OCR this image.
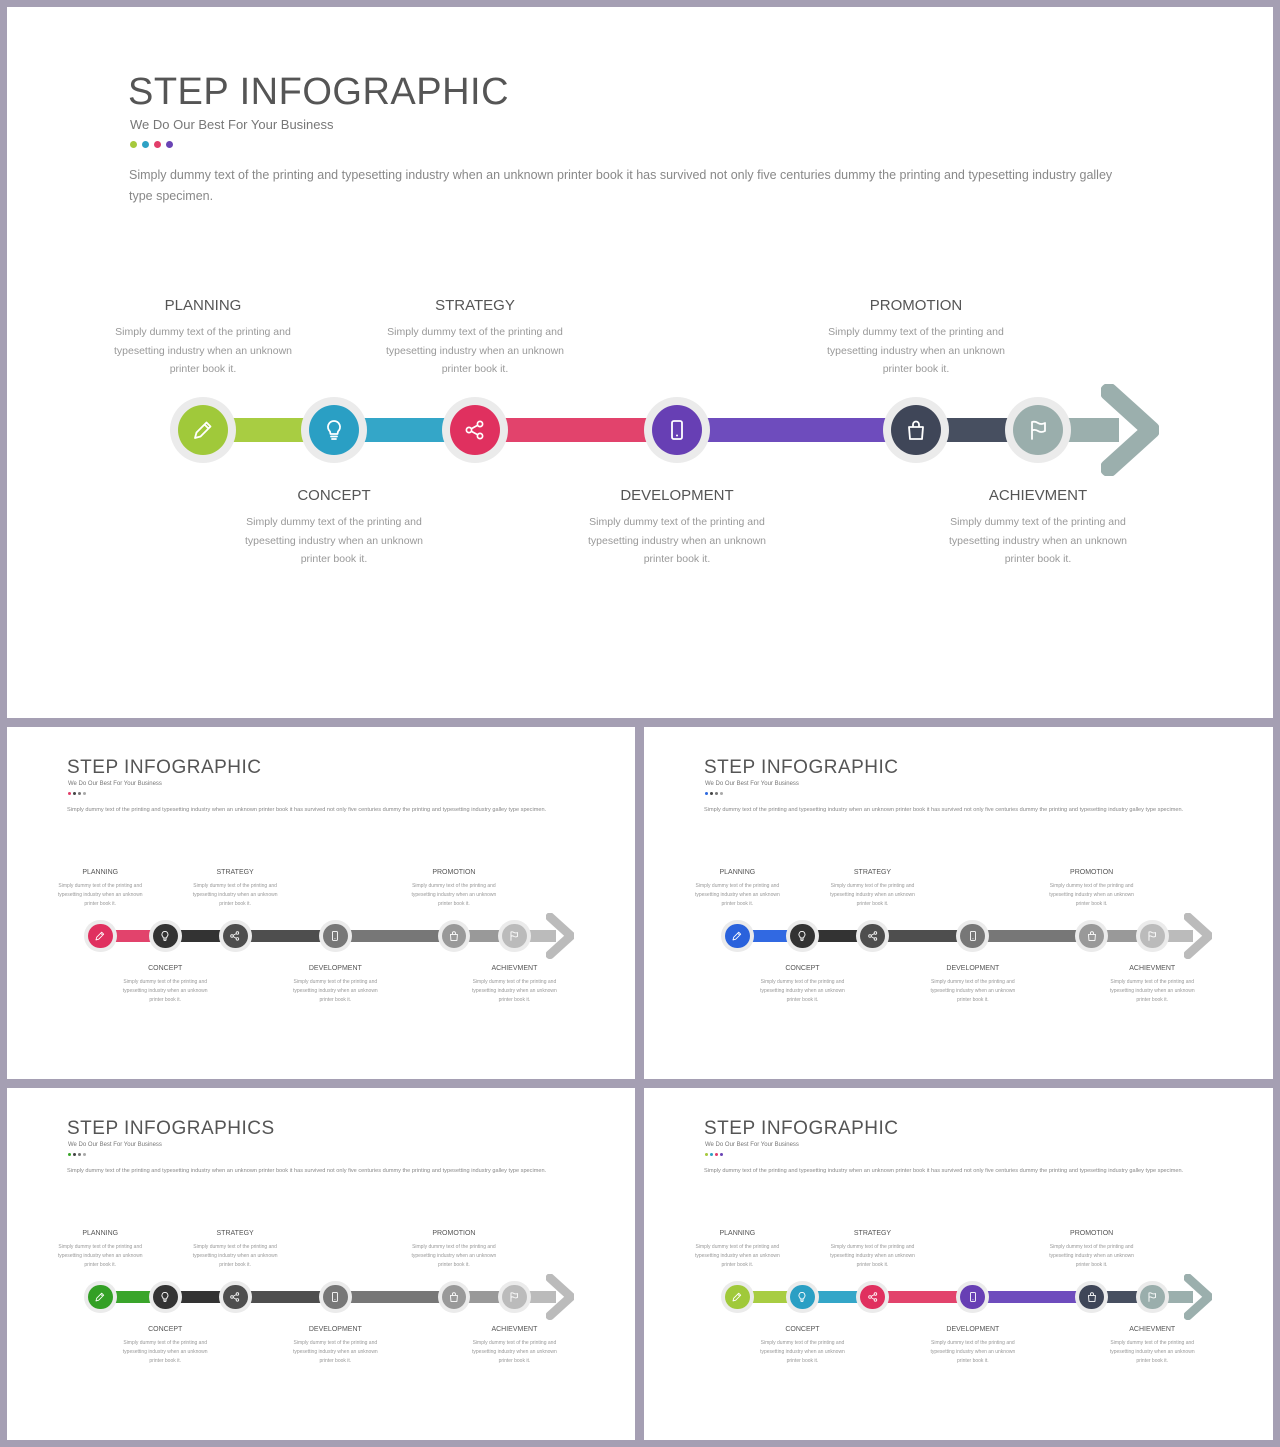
STEP INFOGRAPHIC
We Do Our Best For Your Business

Simply dummy text of the printing and typesetting industry when an unknown printer book it has survived not only five centuries dummy the printing and typesetting industry galley type specimen.

PLANNING
Simply dummy text of the printing and typesetting industry when an unknown printer book it.
CONCEPT
Simply dummy text of the printing and typesetting industry when an unknown printer book it.
STRATEGY
Simply dummy text of the printing and typesetting industry when an unknown printer book it.
DEVELOPMENT
Simply dummy text of the printing and typesetting industry when an unknown printer book it.
PROMOTION
Simply dummy text of the printing and typesetting industry when an unknown printer book it.
ACHIEVMENT
Simply dummy text of the printing and typesetting industry when an unknown printer book it.
STEP INFOGRAPHIC
We Do Our Best For Your Business

Simply dummy text of the printing and typesetting industry when an unknown printer book it has survived not only five centuries dummy the printing and typesetting industry galley type specimen.

PLANNING
Simply dummy text of the printing and typesetting industry when an unknown printer book it.
CONCEPT
Simply dummy text of the printing and typesetting industry when an unknown printer book it.
STRATEGY
Simply dummy text of the printing and typesetting industry when an unknown printer book it.
DEVELOPMENT
Simply dummy text of the printing and typesetting industry when an unknown printer book it.
PROMOTION
Simply dummy text of the printing and typesetting industry when an unknown printer book it.
ACHIEVMENT
Simply dummy text of the printing and typesetting industry when an unknown printer book it.
STEP INFOGRAPHIC
We Do Our Best For Your Business

Simply dummy text of the printing and typesetting industry when an unknown printer book it has survived not only five centuries dummy the printing and typesetting industry galley type specimen.

PLANNING
Simply dummy text of the printing and typesetting industry when an unknown printer book it.
CONCEPT
Simply dummy text of the printing and typesetting industry when an unknown printer book it.
STRATEGY
Simply dummy text of the printing and typesetting industry when an unknown printer book it.
DEVELOPMENT
Simply dummy text of the printing and typesetting industry when an unknown printer book it.
PROMOTION
Simply dummy text of the printing and typesetting industry when an unknown printer book it.
ACHIEVMENT
Simply dummy text of the printing and typesetting industry when an unknown printer book it.
STEP INFOGRAPHICS
We Do Our Best For Your Business

Simply dummy text of the printing and typesetting industry when an unknown printer book it has survived not only five centuries dummy the printing and typesetting industry galley type specimen.

PLANNING
Simply dummy text of the printing and typesetting industry when an unknown printer book it.
CONCEPT
Simply dummy text of the printing and typesetting industry when an unknown printer book it.
STRATEGY
Simply dummy text of the printing and typesetting industry when an unknown printer book it.
DEVELOPMENT
Simply dummy text of the printing and typesetting industry when an unknown printer book it.
PROMOTION
Simply dummy text of the printing and typesetting industry when an unknown printer book it.
ACHIEVMENT
Simply dummy text of the printing and typesetting industry when an unknown printer book it.
STEP INFOGRAPHIC
We Do Our Best For Your Business

Simply dummy text of the printing and typesetting industry when an unknown printer book it has survived not only five centuries dummy the printing and typesetting industry galley type specimen.

PLANNING
Simply dummy text of the printing and typesetting industry when an unknown printer book it.
CONCEPT
Simply dummy text of the printing and typesetting industry when an unknown printer book it.
STRATEGY
Simply dummy text of the printing and typesetting industry when an unknown printer book it.
DEVELOPMENT
Simply dummy text of the printing and typesetting industry when an unknown printer book it.
PROMOTION
Simply dummy text of the printing and typesetting industry when an unknown printer book it.
ACHIEVMENT
Simply dummy text of the printing and typesetting industry when an unknown printer book it.
